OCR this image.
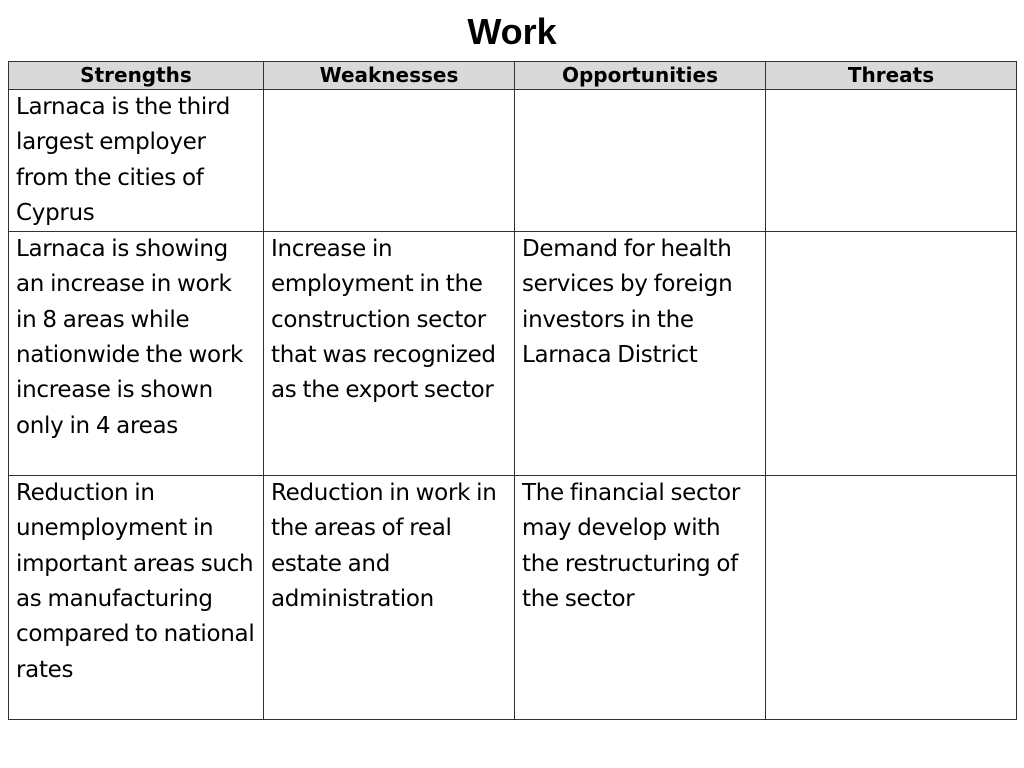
Work
Strengths	Weaknesses	Opportunities	Threats
Larnaca is the third largest employer from the cities of Cyprus			
Larnaca is showing an increase in work in 8 areas while nationwide the work increase is shown only in 4 areas	Increase in employment in the construction sector that was recognized as the export sector	Demand for health services by foreign investors in the Larnaca District	
Reduction in unemployment in important areas such as manufacturing compared to national rates	Reduction in work in the areas of real estate and administration	The financial sector may develop with the restructuring of the sector	
